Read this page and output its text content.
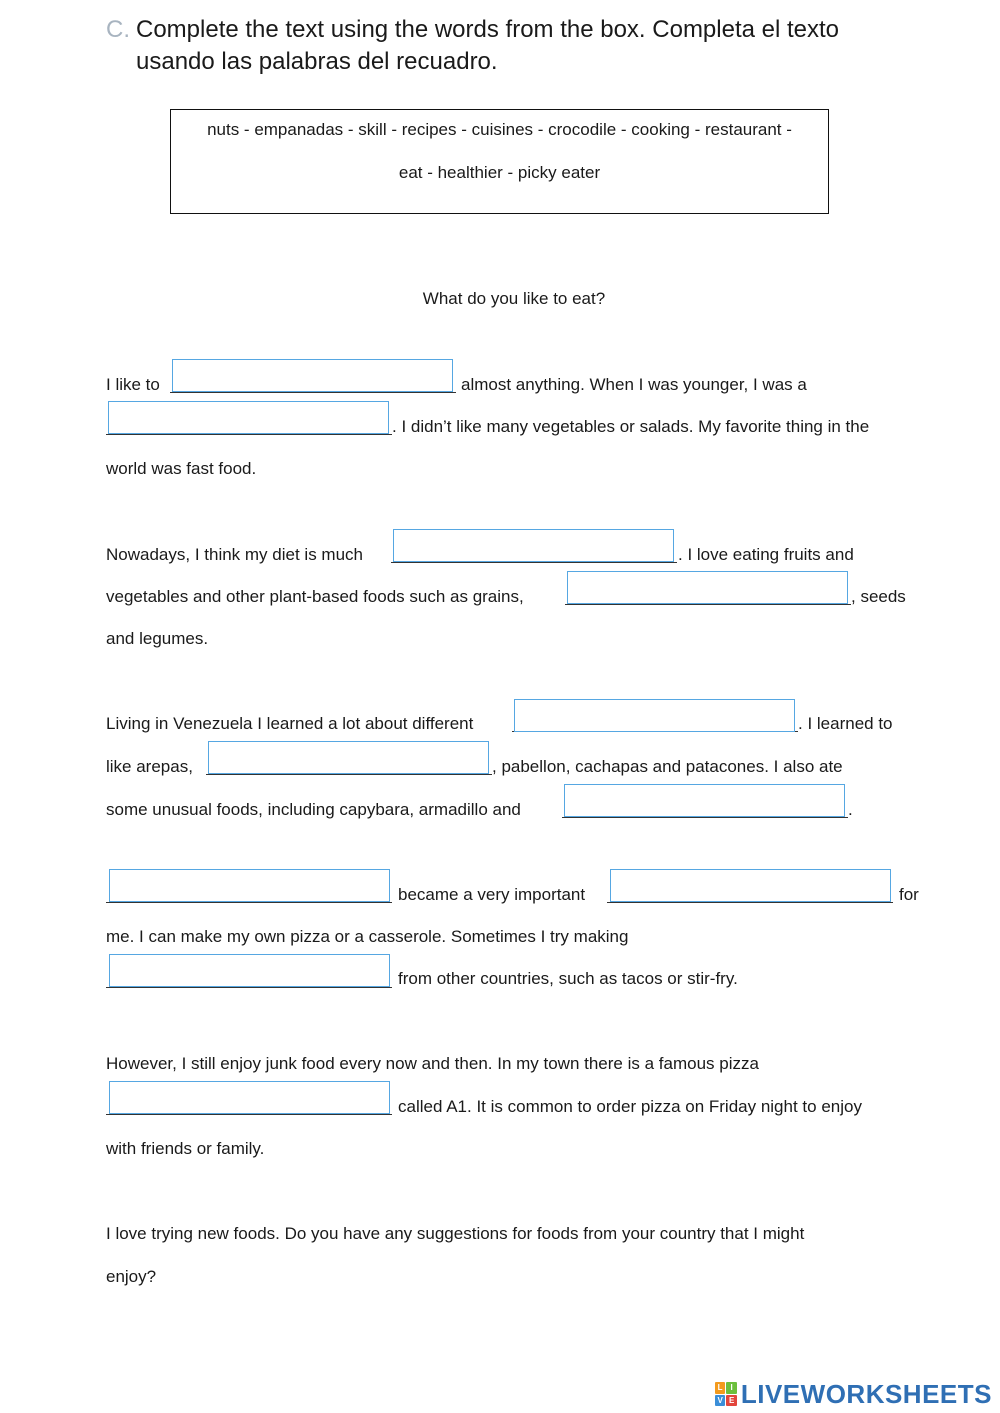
C. Complete the text using the words from the box. Completa el texto
usando las palabras del recuadro.
nuts - empanadas - skill - recipes - cuisines - crocodile - cooking - restaurant -
eat - healthier - picky eater
What do you like to eat?
I like to	almost anything. When I was younger, I was a
. I didn’t like many vegetables or salads. My favorite thing in the
world was fast food.
Nowadays, I think my diet is much	. I love eating fruits and
vegetables and other plant-based foods such as grains,	, seeds
and legumes.
Living in Venezuela I learned a lot about different	. I learned to
like arepas,	, pabellon, cachapas and patacones. I also ate
some unusual foods, including capybara, armadillo and	.
became a very important	for
me. I can make my own pizza or a casserole. Sometimes I try making
from other countries, such as tacos or stir-fry.
However, I still enjoy junk food every now and then. In my town there is a famous pizza
called A1. It is common to order pizza on Friday night to enjoy
with friends or family.
I love trying new foods. Do you have any suggestions for foods from your country that I might
enjoy?
L I
V E LIVEWORKSHEETS
